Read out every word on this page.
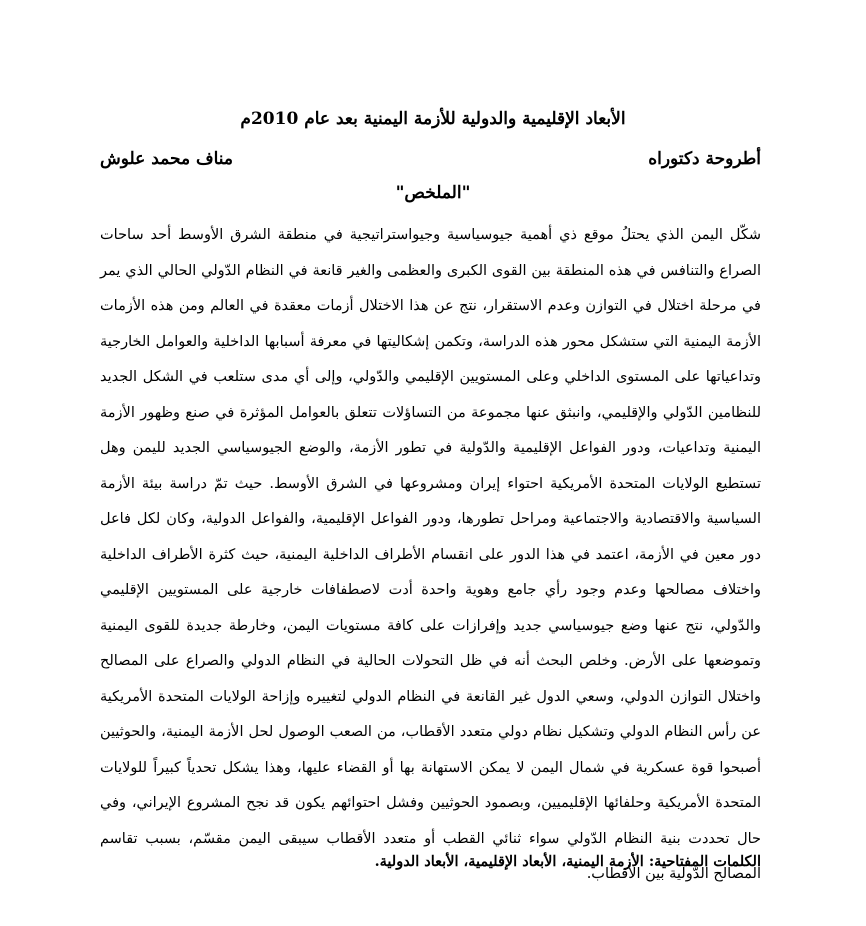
الأبعاد الإقليمية والدولية للأزمة اليمنية بعد عام 2010م
أطروحة دكتوراه
مناف محمد علوش
"الملخص"

شكّل اليمن الذي يحتلُ موقع ذي أهمية جيوسياسية وجيواستراتيجية في منطقة الشرق الأوسط أحد ساحات الصراع والتنافس في هذه المنطقة بين القوى الكبرى والعظمى والغير قانعة في النظام الدّولي الحالي الذي يمر في مرحلة اختلال في التوازن وعدم الاستقرار، نتج عن هذا الاختلال أزمات معقدة في العالم ومن هذه الأزمات الأزمة اليمنية التي ستشكل محور هذه الدراسة، وتكمن إشكاليتها في معرفة أسبابها الداخلية والعوامل الخارجية وتداعياتها على المستوى الداخلي وعلى المستويين الإقليمي والدّولي، وإلى أي مدى ستلعب في الشكل الجديد للنظامين الدّولي والإقليمي، وانبثق عنها مجموعة من التساؤلات تتعلق بالعوامل المؤثرة في صنع وظهور الأزمة اليمنية وتداعيات، ودور الفواعل الإقليمية والدّولية في تطور الأزمة، والوضع الجيوسياسي الجديد لليمن وهل تستطيع الولايات المتحدة الأمريكية احتواء إيران ومشروعها في الشرق الأوسط. حيث تمّ دراسة بيئة الأزمة السياسية والاقتصادية والاجتماعية ومراحل تطورها، ودور الفواعل الإقليمية، والفواعل الدولية، وكان لكل فاعل دور معين في الأزمة، اعتمد في هذا الدور على انقسام الأطراف الداخلية اليمنية، حيث كثرة الأطراف الداخلية واختلاف مصالحها وعدم وجود رأي جامع وهوية واحدة أدت لاصطفافات خارجية على المستويين الإقليمي والدّولي، نتج عنها وضع جيوسياسي جديد وإفرازات على كافة مستويات اليمن، وخارطة جديدة للقوى اليمنية وتموضعها على الأرض. وخلص البحث أنه في ظل التحولات الحالية في النظام الدولي والصراع على المصالح واختلال التوازن الدولي، وسعي الدول غير القانعة في النظام الدولي لتغييره وإزاحة الولايات المتحدة الأمريكية عن رأس النظام الدولي وتشكيل نظام دولي متعدد الأقطاب، من الصعب الوصول لحل الأزمة اليمنية، والحوثيين أصبحوا قوة عسكرية في شمال اليمن لا يمكن الاستهانة بها أو القضاء عليها، وهذا يشكل تحدياً كبيراً للولايات المتحدة الأمريكية وحلفائها الإقليميين، وبصمود الحوثيين وفشل احتوائهم يكون قد نجح المشروع الإيراني، وفي حال تحددت بنية النظام الدّولي سواء ثنائي القطب أو متعدد الأقطاب سيبقى اليمن مقسّم، بسبب تقاسم المصالح الدّولية بين الأقطاب.

الكلمات المفتاحية: الأزمة اليمنية، الأبعاد الإقليمية، الأبعاد الدولية.
